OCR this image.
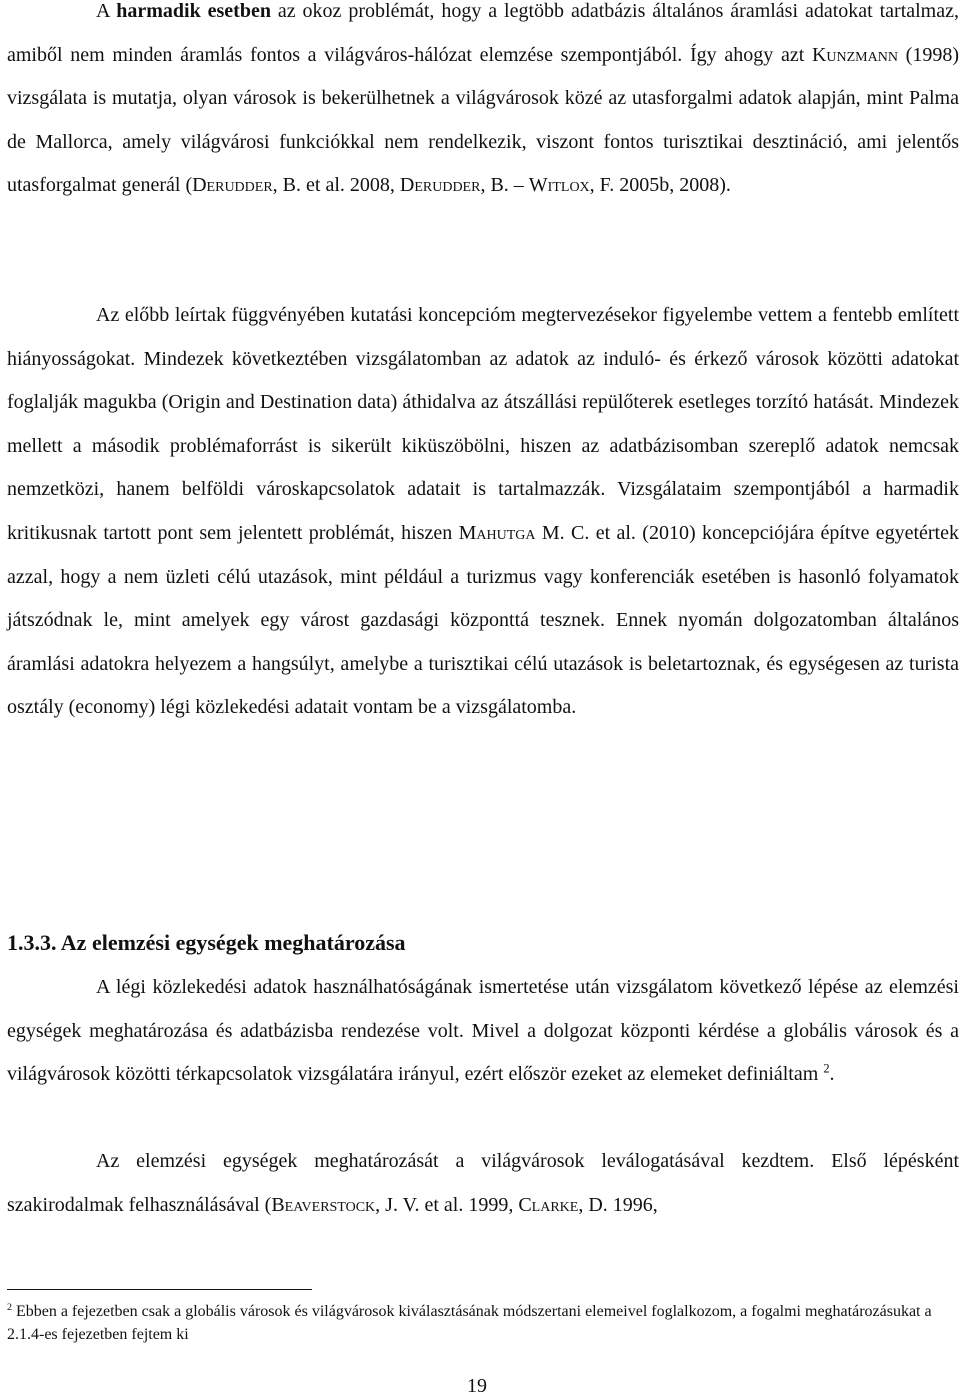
A harmadik esetben az okoz problémát, hogy a legtöbb adatbázis általános áramlási adatokat tartalmaz, amiből nem minden áramlás fontos a világváros-hálózat elemzése szempontjából. Így ahogy azt Kunzmann (1998) vizsgálata is mutatja, olyan városok is bekerülhetnek a világvárosok közé az utasforgalmi adatok alapján, mint Palma de Mallorca, amely világvárosi funkciókkal nem rendelkezik, viszont fontos turisztikai desztináció, ami jelentős utasforgalmat generál (Derudder, B. et al. 2008, Derudder, B. – Witlox, F. 2005b, 2008).

Az előbb leírtak függvényében kutatási koncepcióm megtervezésekor figyelembe vettem a fentebb említett hiányosságokat. Mindezek következtében vizsgálatomban az adatok az induló- és érkező városok közötti adatokat foglalják magukba (Origin and Destination data) áthidalva az átszállási repülőterek esetleges torzító hatását. Mindezek mellett a második problémaforrást is sikerült kiküszöbölni, hiszen az adatbázisomban szereplő adatok nemcsak nemzetközi, hanem belföldi városkapcsolatok adatait is tartalmazzák. Vizsgálataim szempontjából a harmadik kritikusnak tartott pont sem jelentett problémát, hiszen Mahutga M. C. et al. (2010) koncepciójára építve egyetértek azzal, hogy a nem üzleti célú utazások, mint például a turizmus vagy konferenciák esetében is hasonló folyamatok játszódnak le, mint amelyek egy várost gazdasági központtá tesznek. Ennek nyomán dolgozatomban általános áramlási adatokra helyezem a hangsúlyt, amelybe a turisztikai célú utazások is beletartoznak, és egységesen az turista osztály (economy) légi közlekedési adatait vontam be a vizsgálatomba.

1.3.3. Az elemzési egységek meghatározása

A légi közlekedési adatok használhatóságának ismertetése után vizsgálatom következő lépése az elemzési egységek meghatározása és adatbázisba rendezése volt. Mivel a dolgozat központi kérdése a globális városok és a világvárosok közötti térkapcsolatok vizsgálatára irányul, ezért először ezeket az elemeket definiáltam $^2$.

Az elemzési egységek meghatározását a világvárosok leválogatásával kezdtem. Első lépésként szakirodalmak felhasználásával (Beaverstock, J. V. et al. 1999, Clarke, D. 1996,

$^2$ Ebben a fejezetben csak a globális városok és világvárosok kiválasztásának módszertani elemeivel foglalkozom, a fogalmi meghatározásukat a 2.1.4-es fejezetben fejtem ki

19
